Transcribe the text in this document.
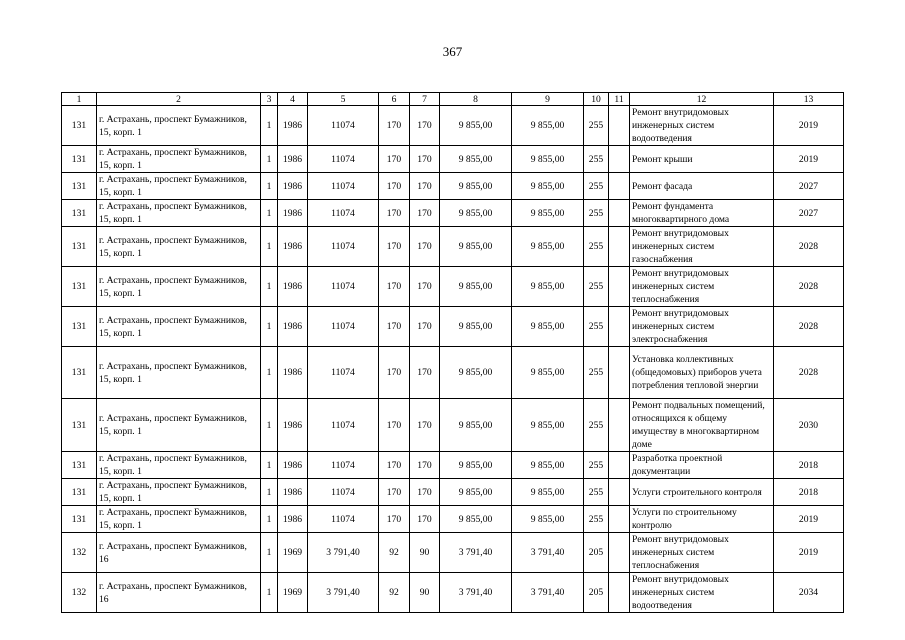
367
1	2	3	4	5	6	7	8	9	10	11	12	13
131	г. Астрахань, проспект Бумажников, 15, корп. 1	1	1986	11074	170	170	9 855,00	9 855,00	255		Ремонт внутридомовых инженерных систем водоотведения	2019
131	г. Астрахань, проспект Бумажников, 15, корп. 1	1	1986	11074	170	170	9 855,00	9 855,00	255		Ремонт крыши	2019
131	г. Астрахань, проспект Бумажников, 15, корп. 1	1	1986	11074	170	170	9 855,00	9 855,00	255		Ремонт фасада	2027
131	г. Астрахань, проспект Бумажников, 15, корп. 1	1	1986	11074	170	170	9 855,00	9 855,00	255		Ремонт фундамента многоквартирного дома	2027
131	г. Астрахань, проспект Бумажников, 15, корп. 1	1	1986	11074	170	170	9 855,00	9 855,00	255		Ремонт внутридомовых инженерных систем газоснабжения	2028
131	г. Астрахань, проспект Бумажников, 15, корп. 1	1	1986	11074	170	170	9 855,00	9 855,00	255		Ремонт внутридомовых инженерных систем теплоснабжения	2028
131	г. Астрахань, проспект Бумажников, 15, корп. 1	1	1986	11074	170	170	9 855,00	9 855,00	255		Ремонт внутридомовых инженерных систем электроснабжения	2028
131	г. Астрахань, проспект Бумажников, 15, корп. 1	1	1986	11074	170	170	9 855,00	9 855,00	255		Установка коллективных (общедомовых) приборов учета потребления тепловой энергии	2028
131	г. Астрахань, проспект Бумажников, 15, корп. 1	1	1986	11074	170	170	9 855,00	9 855,00	255		Ремонт подвальных помещений, относящихся к общему имуществу в многоквартирном доме	2030
131	г. Астрахань, проспект Бумажников, 15, корп. 1	1	1986	11074	170	170	9 855,00	9 855,00	255		Разработка проектной документации	2018
131	г. Астрахань, проспект Бумажников, 15, корп. 1	1	1986	11074	170	170	9 855,00	9 855,00	255		Услуги строительного контроля	2018
131	г. Астрахань, проспект Бумажников, 15, корп. 1	1	1986	11074	170	170	9 855,00	9 855,00	255		Услуги по строительному контролю	2019
132	г. Астрахань, проспект Бумажников, 16	1	1969	3 791,40	92	90	3 791,40	3 791,40	205		Ремонт внутридомовых инженерных систем теплоснабжения	2019
132	г. Астрахань, проспект Бумажников, 16	1	1969	3 791,40	92	90	3 791,40	3 791,40	205		Ремонт внутридомовых инженерных систем водоотведения	2034
